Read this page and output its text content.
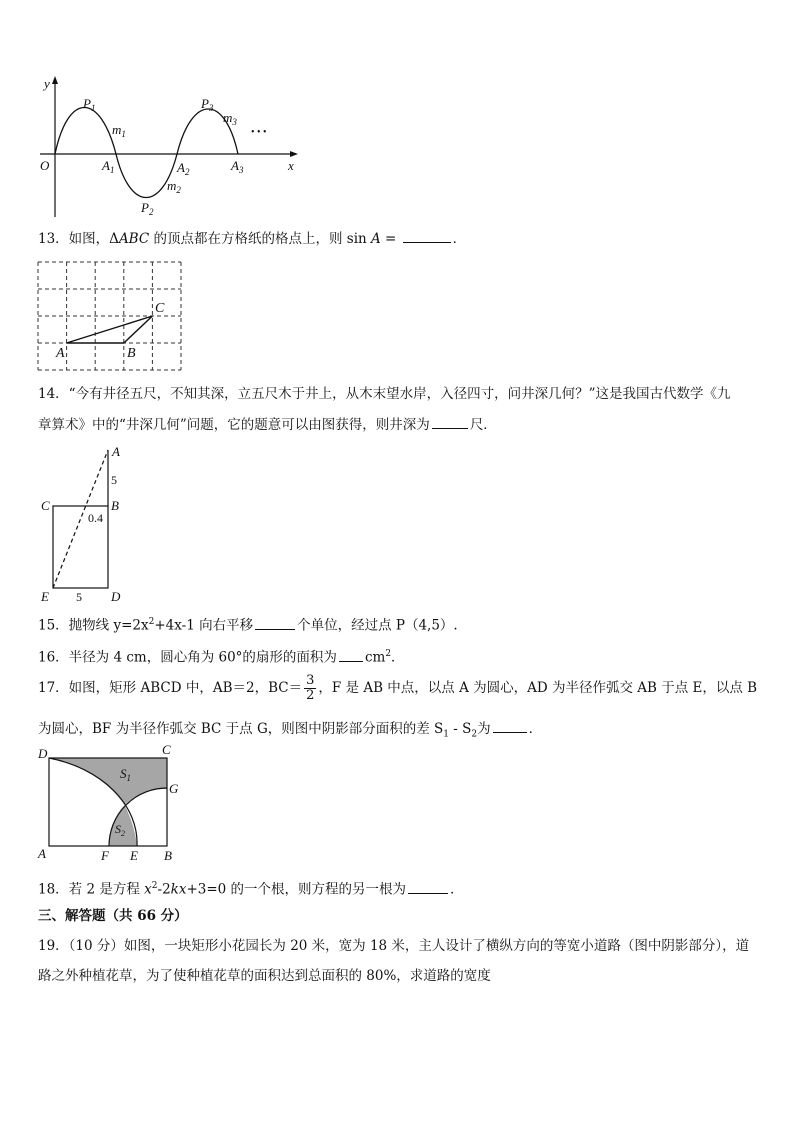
y
x
O
$P_1$
$m_1$
$A_1$	$A_2$
$m_2$
$P_2$
$P_3$
$m_3$
$A_3$
• • •
13．如图，ΔABC 的顶点都在方格纸的格点上，则 sin A =	．
A	B
C
14．“今有井径五尺，不知其深，立五尺木于井上，从木末望水岸，入径四寸，问井深几何？”这是我国古代数学《九
章算术》中的“井深几何”问题，它的题意可以由图获得，则井深为	尺．
A
5
C	B
0.4
E 5 D
15．抛物线 $y=2x^2+4x-1$ 向右平移	个单位，经过点 P（4,5）.
16．半径为 4 cm，圆心角为 60°的扇形的面积为 $cm^2$．
17．如图，矩形 ABCD 中，AB＝2，$BC= \frac{3}{2}$ ，F 是 AB 中点，以点 A 为圆心，AD 为半径作弧交 AB 于点 E，以点 B
为圆心，BF 为半径作弧交 BC 于点 G，则图中阴影部分面积的差 $S_1 - S_2$为	．
D	C
G
A	F E B
$S_1$
$S_2$
18．若 2 是方程 $x^2-2kx+3=0$ 的一个根，则方程的另一根为	．
三、解答题（共 66 分）
19．（10 分）如图，一块矩形小花园长为 20 米，宽为 18 米，主人设计了横纵方向的等宽小道路（图中阴影部分），道
路之外种植花草，为了使种植花草的面积达到总面积的 80%，求道路的宽度
